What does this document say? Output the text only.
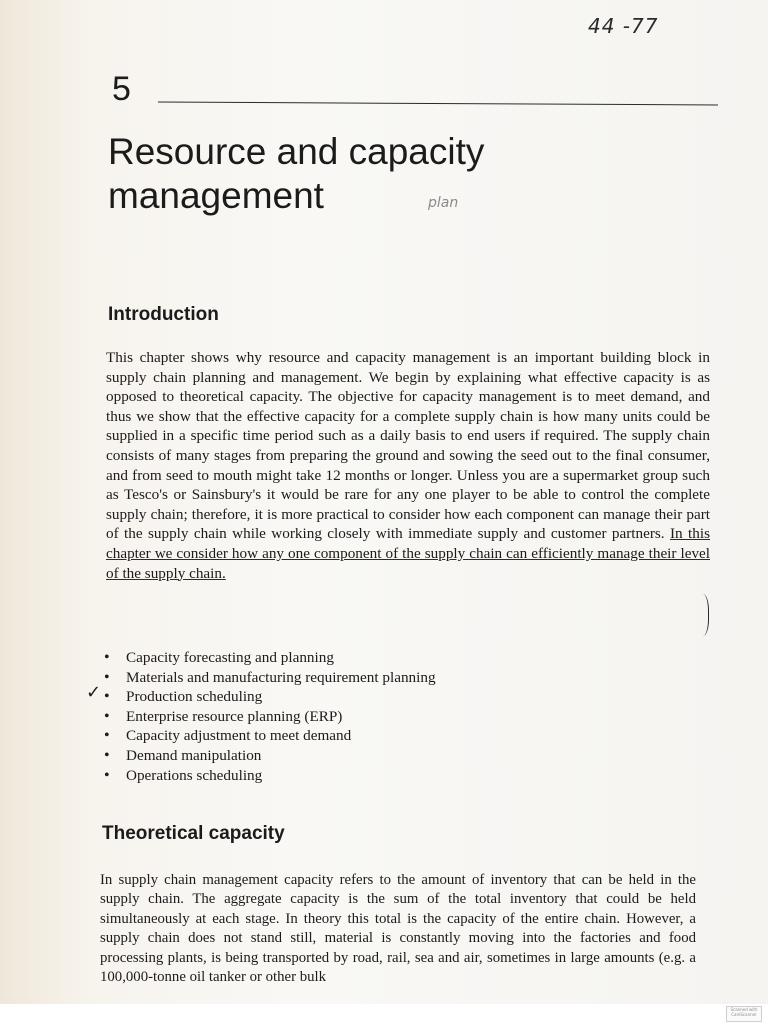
44 -77
5
Resource and capacity
management	plan
Introduction

This chapter shows why resource and capacity management is an important building block in supply chain planning and management. We begin by explaining what effective capacity is as opposed to theoretical capacity. The objective for capacity management is to meet demand, and thus we show that the effective capacity for a complete supply chain is how many units could be supplied in a specific time period such as a daily basis to end users if required. The supply chain consists of many stages from preparing the ground and sowing the seed out to the final consumer, and from seed to mouth might take 12 months or longer. Unless you are a supermarket group such as Tesco's or Sainsbury's it would be rare for any one player to be able to control the complete supply chain; therefore, it is more practical to consider how each component can manage their part of the supply chain while working closely with immediate supply and customer partners. In this chapter we consider how any one component of the supply chain can efficiently manage their level of the supply chain.

✓
• Capacity forecasting and planning
• Materials and manufacturing requirement planning
• Production scheduling
• Enterprise resource planning (ERP)
• Capacity adjustment to meet demand
• Demand manipulation
• Operations scheduling
Theoretical capacity

In supply chain management capacity refers to the amount of inventory that can be held in the supply chain. The aggregate capacity is the sum of the total inventory that could be held simultaneously at each stage. In theory this total is the capacity of the entire chain. However, a supply chain does not stand still, material is constantly moving into the factories and food processing plants, is being transported by road, rail, sea and air, sometimes in large amounts (e.g. a 100,000-tonne oil tanker or other bulk

Scanned with
CamScanner
